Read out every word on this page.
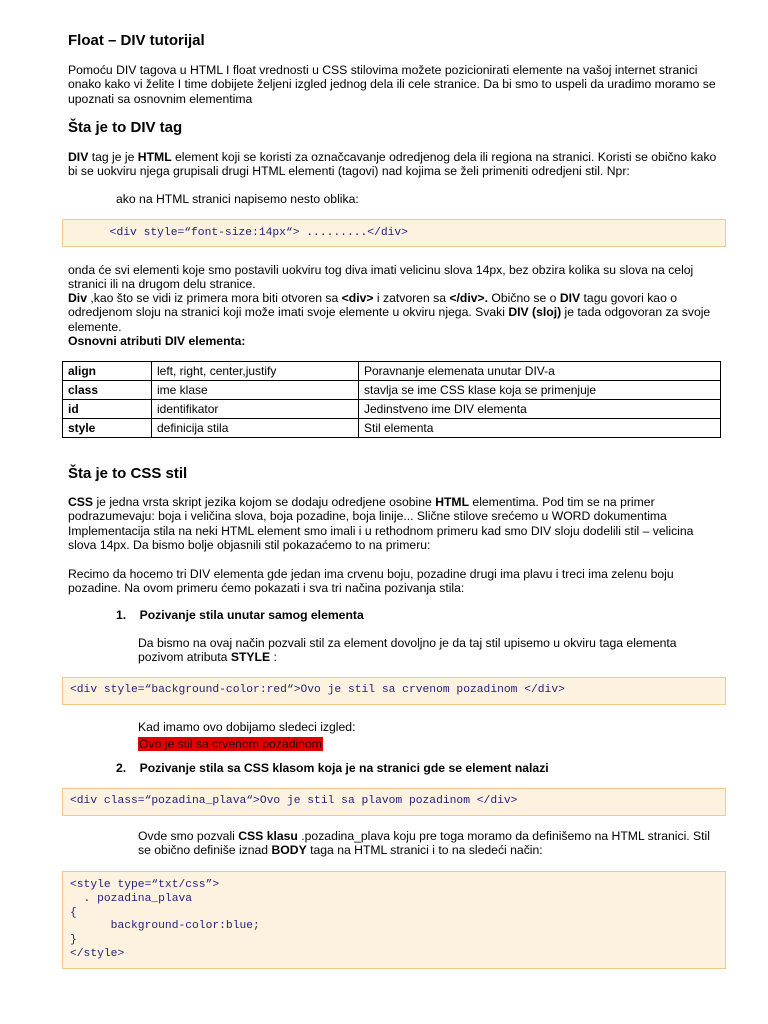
Float – DIV tutorijal
Pomoću DIV tagova u HTML I float vrednosti u CSS stilovima možete pozicionirati elemente na vašoj internet stranici onako kako vi želite I time dobijete željeni izgled jednog dela ili cele stranice. Da bi smo to uspeli da uradimo moramo se upoznati sa osnovnim elementima
Šta je to DIV tag
DIV tag je je HTML element koji se koristi za označcavanje odredjenog dela ili regiona na stranici. Koristi se obično kako bi se uokviru njega grupisali drugi HTML elementi (tagovi) nad kojima se želi primeniti odredjeni stil. Npr:
ako na HTML stranici napisemo nesto oblika:
<div style=“font-size:14px“> .........</div>
onda će svi elementi koje smo postavili uokviru tog diva imati velicinu slova 14px, bez obzira kolika su slova na celoj stranici ili na drugom delu stranice.
Div ,kao što se vidi iz primera mora biti otvoren sa <div> i zatvoren sa </div>. Obično se o DIV tagu govori kao o odredjenom sloju na stranici koji može imati svoje elemente u okviru njega. Svaki DIV (sloj) je tada odgovoran za svoje elemente.
Osnovni atributi DIV elementa:
align	left, right, center,justify	Poravnanje elemenata unutar DIV-a
class	ime klase	stavlja se ime CSS klase koja se primenjuje
id	identifikator	Jedinstveno ime DIV elementa
style	definicija stila	Stil elementa
Šta je to CSS stil
CSS je jedna vrsta skript jezika kojom se dodaju odredjene osobine HTML elementima. Pod tim se na primer podrazumevaju: boja i veličina slova, boja pozadine, boja linije... Slične stilove srećemo u WORD dokumentima Implementacija stila na neki HTML element smo imali i u rethodnom primeru kad smo DIV sloju dodelili stil – velicina slova 14px. Da bismo bolje objasnili stil pokazaćemo to na primeru:
Recimo da hocemo tri DIV elementa gde jedan ima crvenu boju, pozadine drugi ima plavu i treci ima zelenu boju pozadine. Na ovom primeru ćemo pokazati i sva tri načina pozivanja stila:
1. Pozivanje stila unutar samog elementa
Da bismo na ovaj način pozvali stil za element dovoljno je da taj stil upisemo u okviru taga elementa pozivom atributa STYLE :
<div style=“background-color:red“>Ovo je stil sa crvenom pozadinom </div>
Kad imamo ovo dobijamo sledeci izgled:
Ovo je stil sa crvenom pozadinom
2. Pozivanje stila sa CSS klasom koja je na stranici gde se element nalazi
<div class=“pozadina_plava“>Ovo je stil sa plavom pozadinom </div>
Ovde smo pozvali CSS klasu .pozadina_plava koju pre toga moramo da definišemo na HTML stranici. Stil se obično definiše iznad BODY taga na HTML stranici i to na sledeći način:
<style type=“txt/css”>
. pozadina_plava
{
background-color:blue;
}
</style>
